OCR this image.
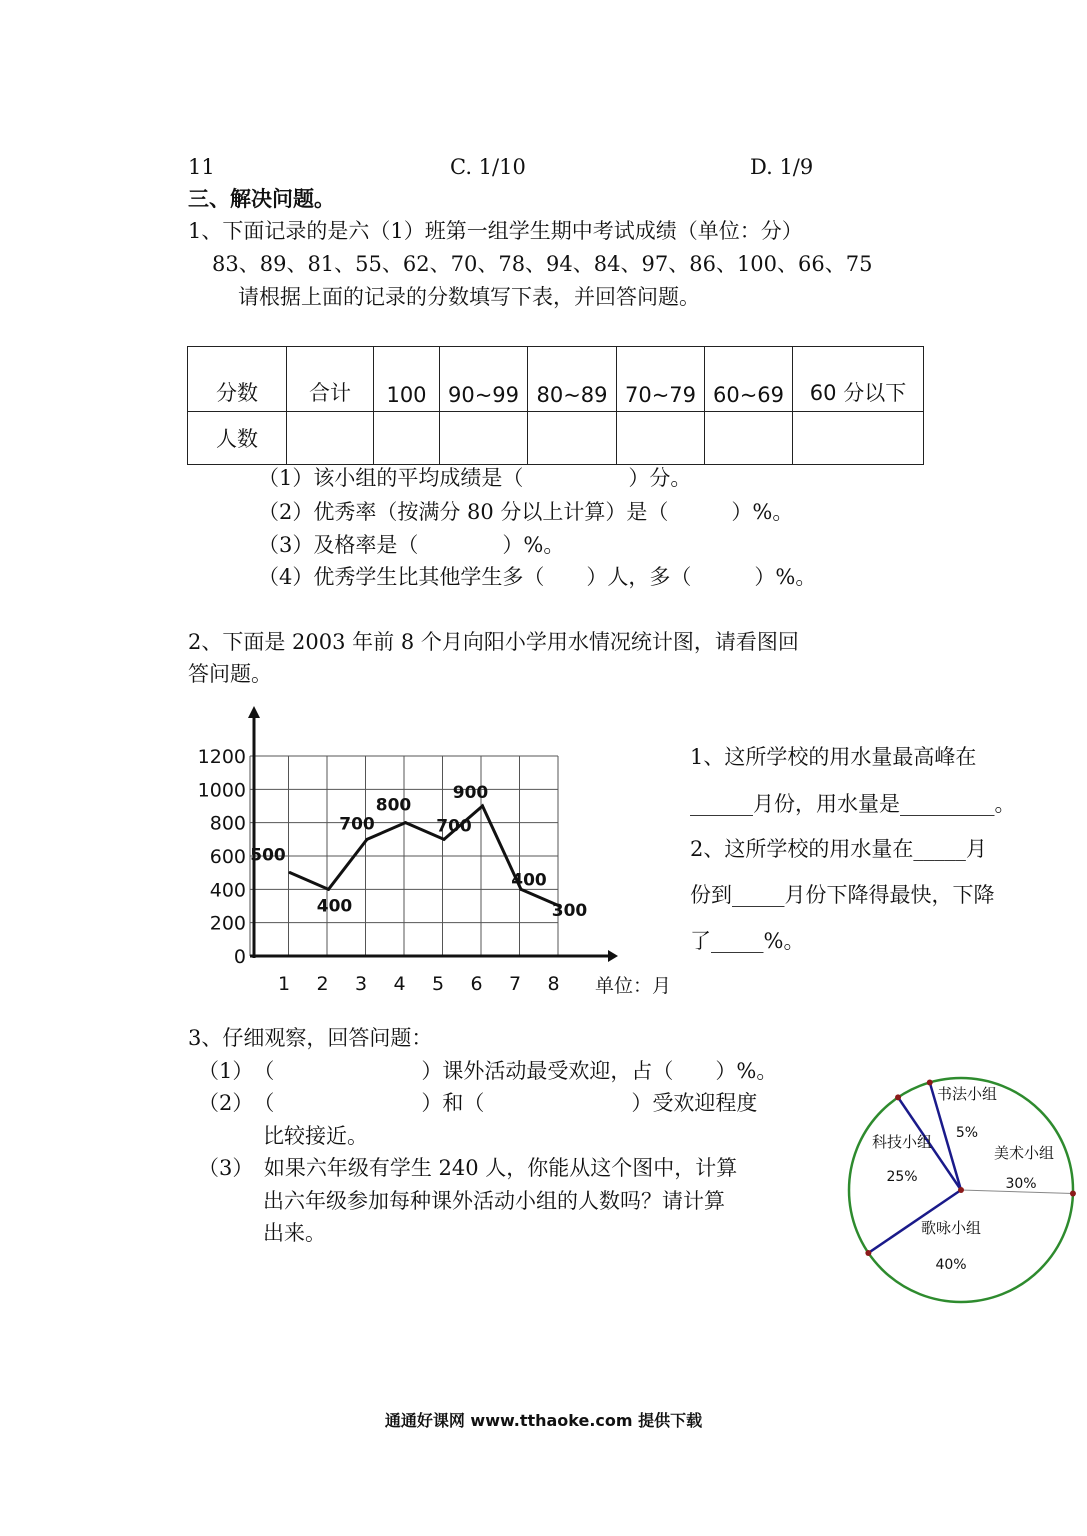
11	C. 1/10	D. 1/9
三、解决问题。
1、下面记录的是六（1）班第一组学生期中考试成绩（单位：分）
83、89、81、55、62、70、78、94、84、97、86、100、66、75
请根据上面的记录的分数填写下表，并回答问题。
分数	合计	100	90~99	80~89	70~79	60~69	60 分以下
人数							
（1）该小组的平均成绩是（　　　　　）分。
（2）优秀率（按满分 80 分以上计算）是（　　　）%。
（3）及格率是（　　　　）%。
（4）优秀学生比其他学生多（　　）人，多（　　　）%。
2、下面是 2003 年前 8 个月向阳小学用水情况统计图，请看图回
答问题。
0
200
400
600
800
1000
1200
1 2 3 4 5 6 7 8 单位：月
500
400
700
800
700
900
400
300
1、这所学校的用水量最高峰在
______月份，用水量是_________。
2、这所学校的用水量在_____月
份到_____月份下降得最快，下降
了_____%。
3、仔细观察，回答问题：
（1）　（　　　　　　　）课外活动最受欢迎，占（　　）%。
（2）　（　　　　　　　）和（　　　　　　　）受欢迎程度
比较接近。
（3）　如果六年级有学生 240 人，你能从这个图中，计算
出六年级参加每种课外活动小组的人数吗？请计算
出来。
书法小组
5%
美术小组
30%
歌咏小组
40%
科技小组
25%
通通好课网 www.tthaoke.com 提供下载
